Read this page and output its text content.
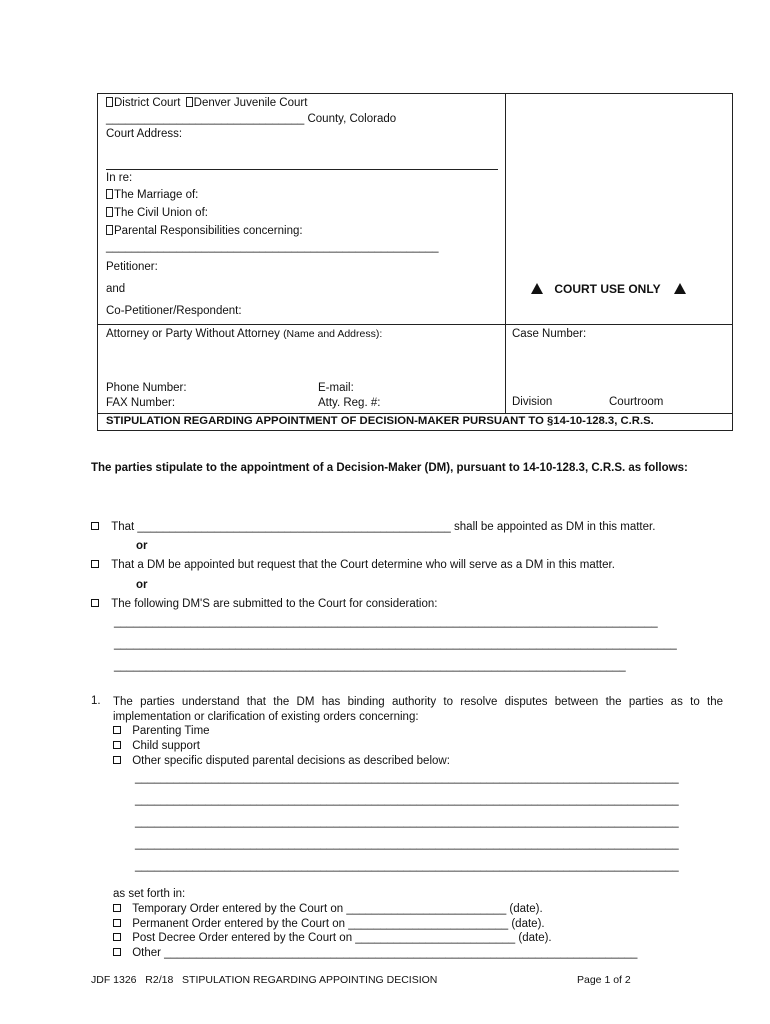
District Court Denver Juvenile Court
_______________________________ County, Colorado
Court Address:
In re:
The Marriage of:
The Civil Union of:
Parental Responsibilities concerning:
____________________________________________________
Petitioner:
and
Co-Petitioner/Respondent:
COURT USE ONLY
Attorney or Party Without Attorney (Name and Address):	Case Number:
Phone Number:	E-mail:
FAX Number:	Atty. Reg. #:	Division	Courtroom
STIPULATION REGARDING APPOINTMENT OF DECISION-MAKER PURSUANT TO §14-10-128.3, C.R.S.
The parties stipulate to the appointment of a Decision-Maker (DM), pursuant to 14-10-128.3, C.R.S. as follows:
That _________________________________________________ shall be appointed as DM in this matter.
or
That a DM be appointed but request that the Court determine who will serve as a DM in this matter.
or
The following DM'S are submitted to the Court for consideration:
_____________________________________________________________________________________
________________________________________________________________________________________
________________________________________________________________________________
1. The parties understand that the DM has binding authority to resolve disputes between the parties as to the implementation or clarification of existing orders concerning:
Parenting Time
Child support
Other specific disputed parental decisions as described below:
_____________________________________________________________________________________
_____________________________________________________________________________________
_____________________________________________________________________________________
_____________________________________________________________________________________
_____________________________________________________________________________________
as set forth in:
Temporary Order entered by the Court on _________________________ (date).
Permanent Order entered by the Court on _________________________ (date).
Post Decree Order entered by the Court on _________________________ (date).
Other __________________________________________________________________________
JDF 1326   R2/18   STIPULATION REGARDING APPOINTING DECISION	Page 1 of 2
